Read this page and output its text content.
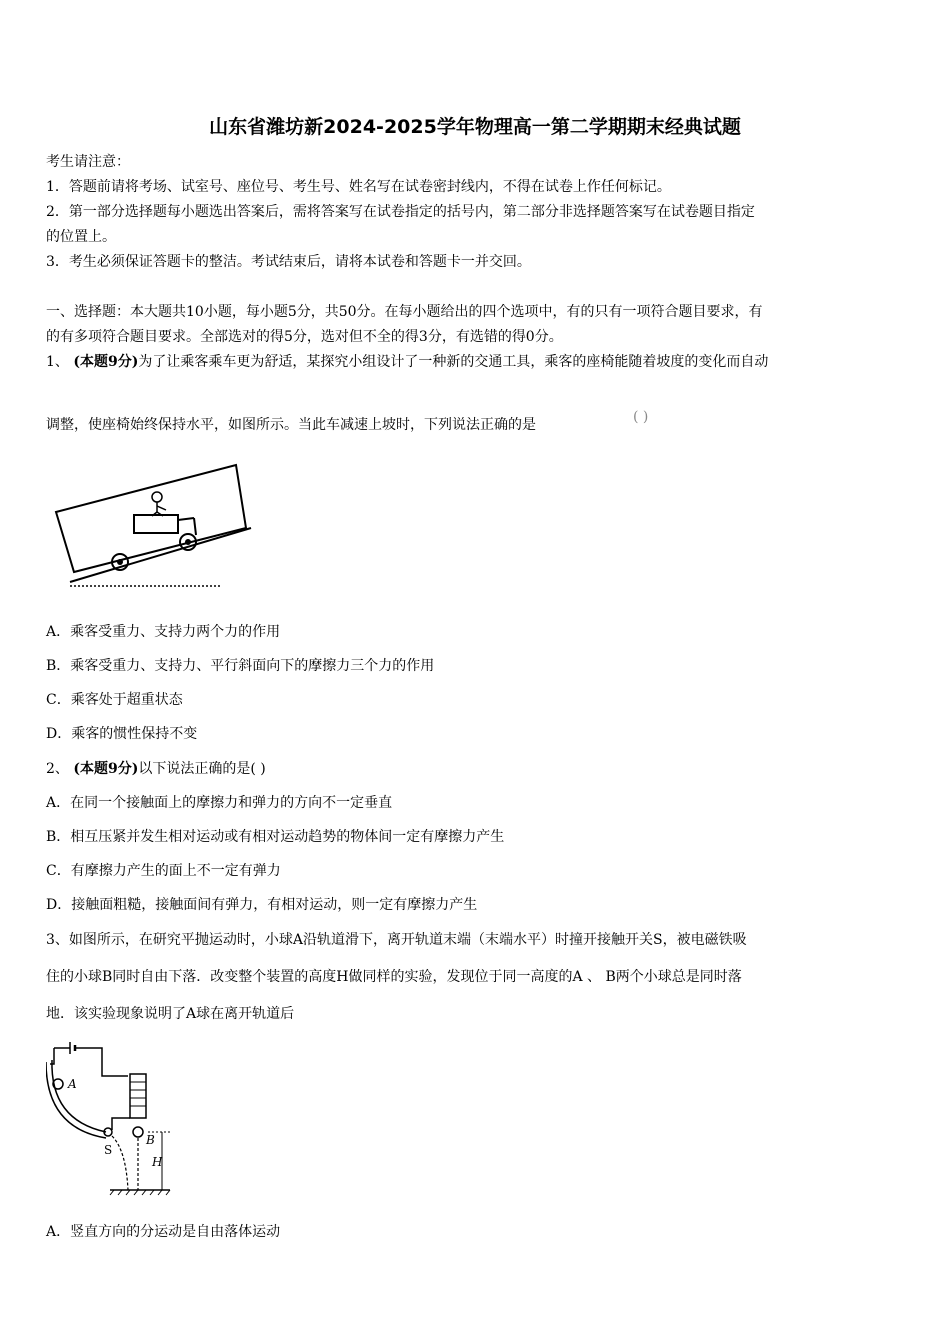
山东省潍坊新2024-2025学年物理高一第二学期期末经典试题
考生请注意：
1．答题前请将考场、试室号、座位号、考生号、姓名写在试卷密封线内，不得在试卷上作任何标记。
2．第一部分选择题每小题选出答案后，需将答案写在试卷指定的括号内，第二部分非选择题答案写在试卷题目指定
的位置上。
3．考生必须保证答题卡的整洁。考试结束后，请将本试卷和答题卡一并交回。
一、选择题：本大题共10小题，每小题5分，共50分。在每小题给出的四个选项中，有的只有一项符合题目要求，有
的有多项符合题目要求。全部选对的得5分，选对但不全的得3分，有选错的得0分。
1、 (本题9分)为了让乘客乘车更为舒适，某探究小组设计了一种新的交通工具，乘客的座椅能随着坡度的变化而自动
调整，使座椅始终保持水平，如图所示。当此车减速上坡时，下列说法正确的是	( )
A．乘客受重力、支持力两个力的作用
B．乘客受重力、支持力、平行斜面向下的摩擦力三个力的作用
C．乘客处于超重状态
D．乘客的惯性保持不变
2、 (本题9分)以下说法正确的是( )
A．在同一个接触面上的摩擦力和弹力的方向不一定垂直
B．相互压紧并发生相对运动或有相对运动趋势的物体间一定有摩擦力产生
C．有摩擦力产生的面上不一定有弹力
D．接触面粗糙，接触面间有弹力，有相对运动，则一定有摩擦力产生
3、如图所示，在研究平抛运动时，小球A沿轨道滑下，离开轨道末端（末端水平）时撞开接触开关S，被电磁铁吸
住的小球B同时自由下落．改变整个装置的高度H做同样的实验，发现位于同一高度的A 、 B两个小球总是同时落
地．该实验现象说明了A球在离开轨道后
A
S
B
H
A．竖直方向的分运动是自由落体运动
